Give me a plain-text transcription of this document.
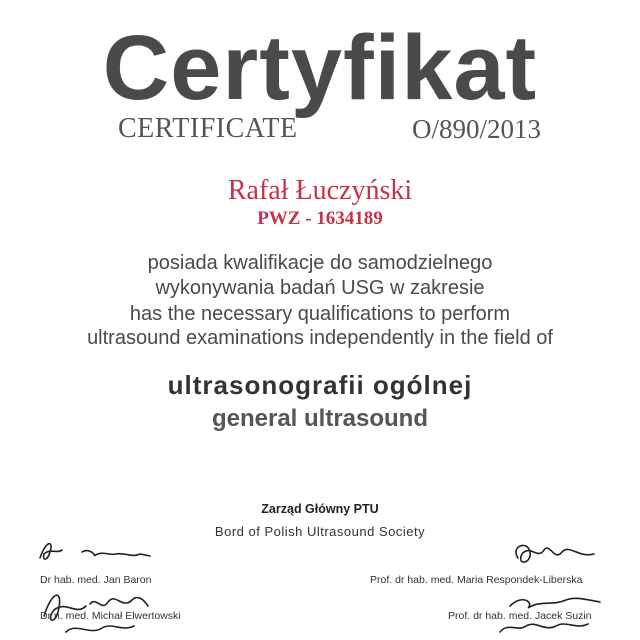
Certyfikat
CERTIFICATE	O/890/2013
Rafał Łuczyński
PWZ - 1634189
posiada kwalifikacje do samodzielnego
wykonywania badań USG w zakresie
has the necessary qualifications to perform
ultrasound examinations independently in the field of
ultrasonografii ogólnej
general ultrasound
Zarząd Główny PTU
Bord of Polish Ultrasound Society
Dr hab. med. Jan Baron
Dr n. med. Michał Elwertowski
Prof. dr hab. med. Maria Respondek-Liberska
Prof. dr hab. med. Jacek Suzin
